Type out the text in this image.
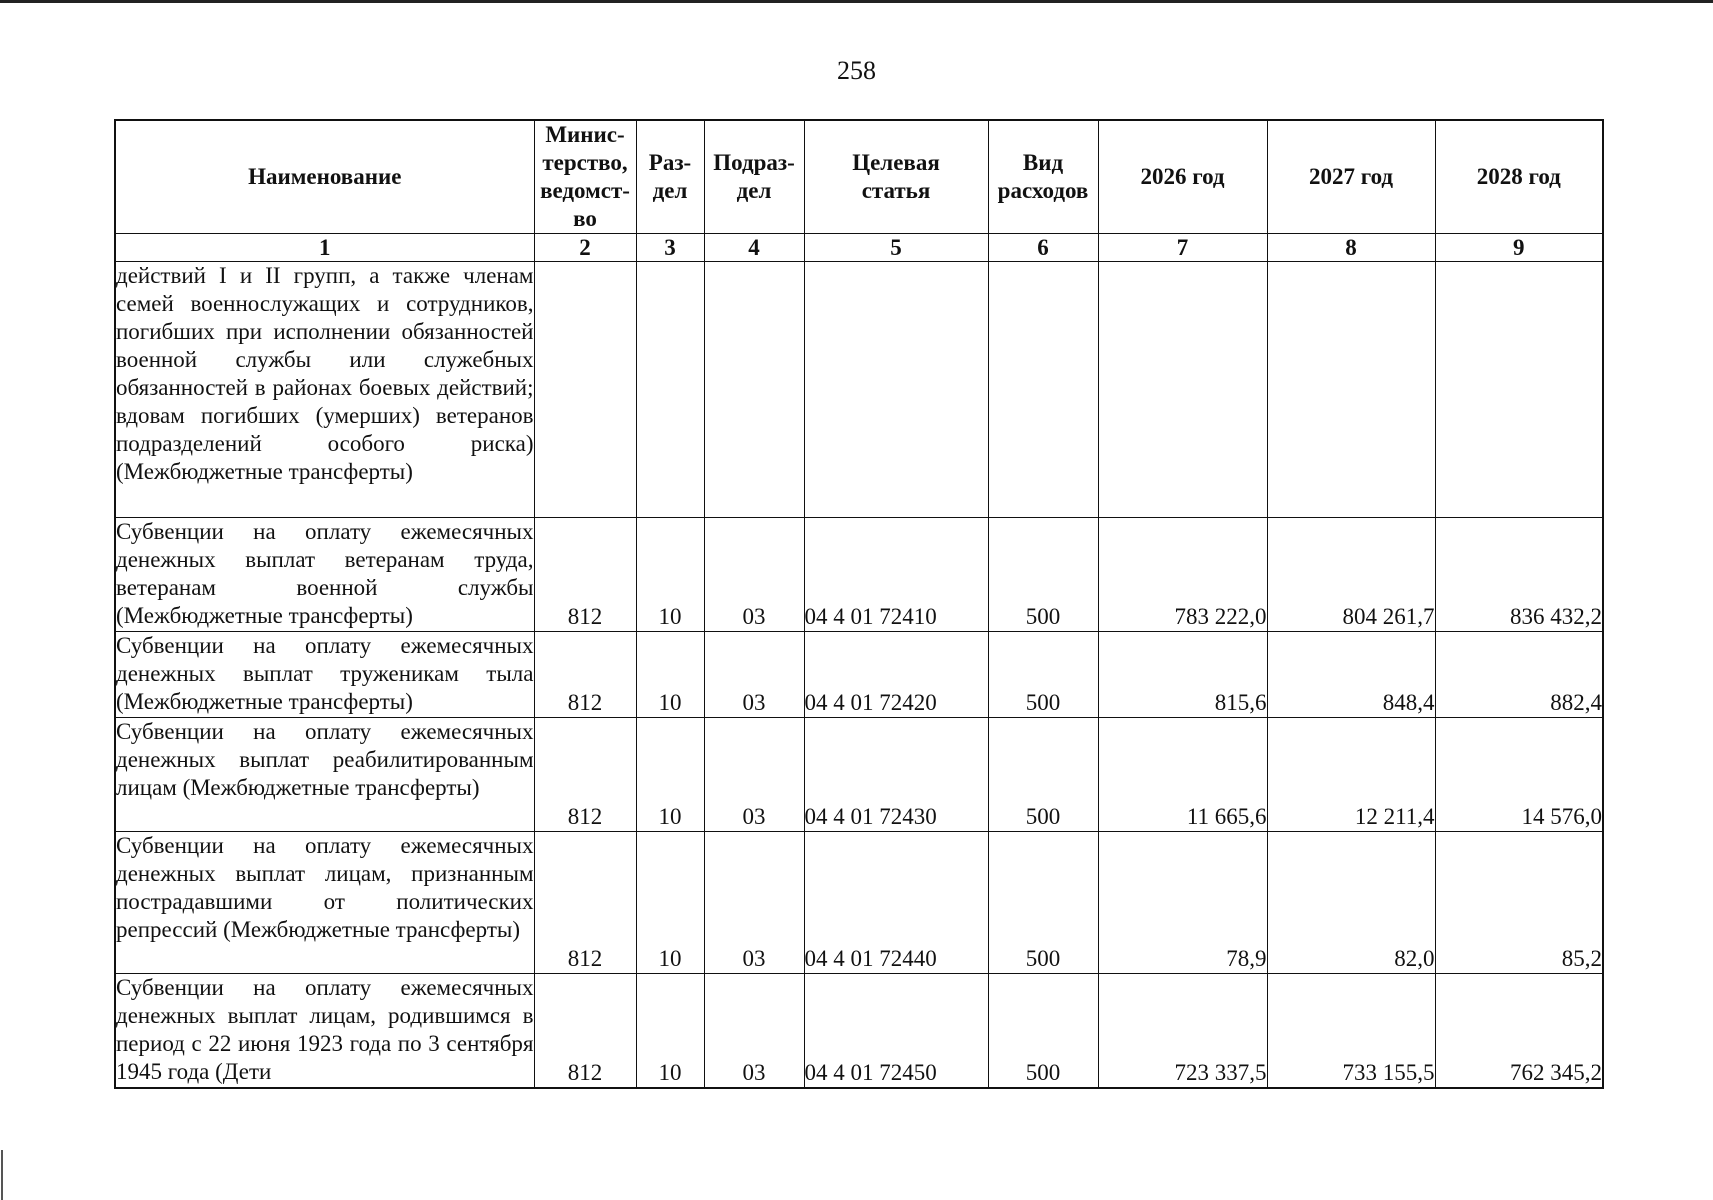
258
Наименование	Минис- терство, ведомст- во	Раз- дел	Подраз- дел	Целевая статья	Вид расходов	2026 год	2027 год	2028 год
1	2	3	4	5	6	7	8	9
действий I и II групп, а также членам семей военнослужащих и сотрудников, погибших при исполнении обязанностей военной службы или служебных обязанностей в районах боевых действий; вдовам погибших (умерших) ветеранов подразделений особого риска) (Межбюджетные трансферты)								
Субвенции на оплату ежемесячных денежных выплат ветеранам труда, ветеранам военной службы (Межбюджетные трансферты)	812	10	03	04 4 01 72410	500	783 222,0	804 261,7	836 432,2
Субвенции на оплату ежемесячных денежных выплат труженикам тыла (Межбюджетные трансферты)	812	10	03	04 4 01 72420	500	815,6	848,4	882,4
Субвенции на оплату ежемесячных денежных выплат реабилитированным лицам (Межбюджетные трансферты)	812	10	03	04 4 01 72430	500	11 665,6	12 211,4	14 576,0
Субвенции на оплату ежемесячных денежных выплат лицам, признанным пострадавшими от политических репрессий (Межбюджетные трансферты)	812	10	03	04 4 01 72440	500	78,9	82,0	85,2
Субвенции на оплату ежемесячных денежных выплат лицам, родившимся в период с 22 июня 1923 года по 3 сентября 1945 года (Дети	812	10	03	04 4 01 72450	500	723 337,5	733 155,5	762 345,2
